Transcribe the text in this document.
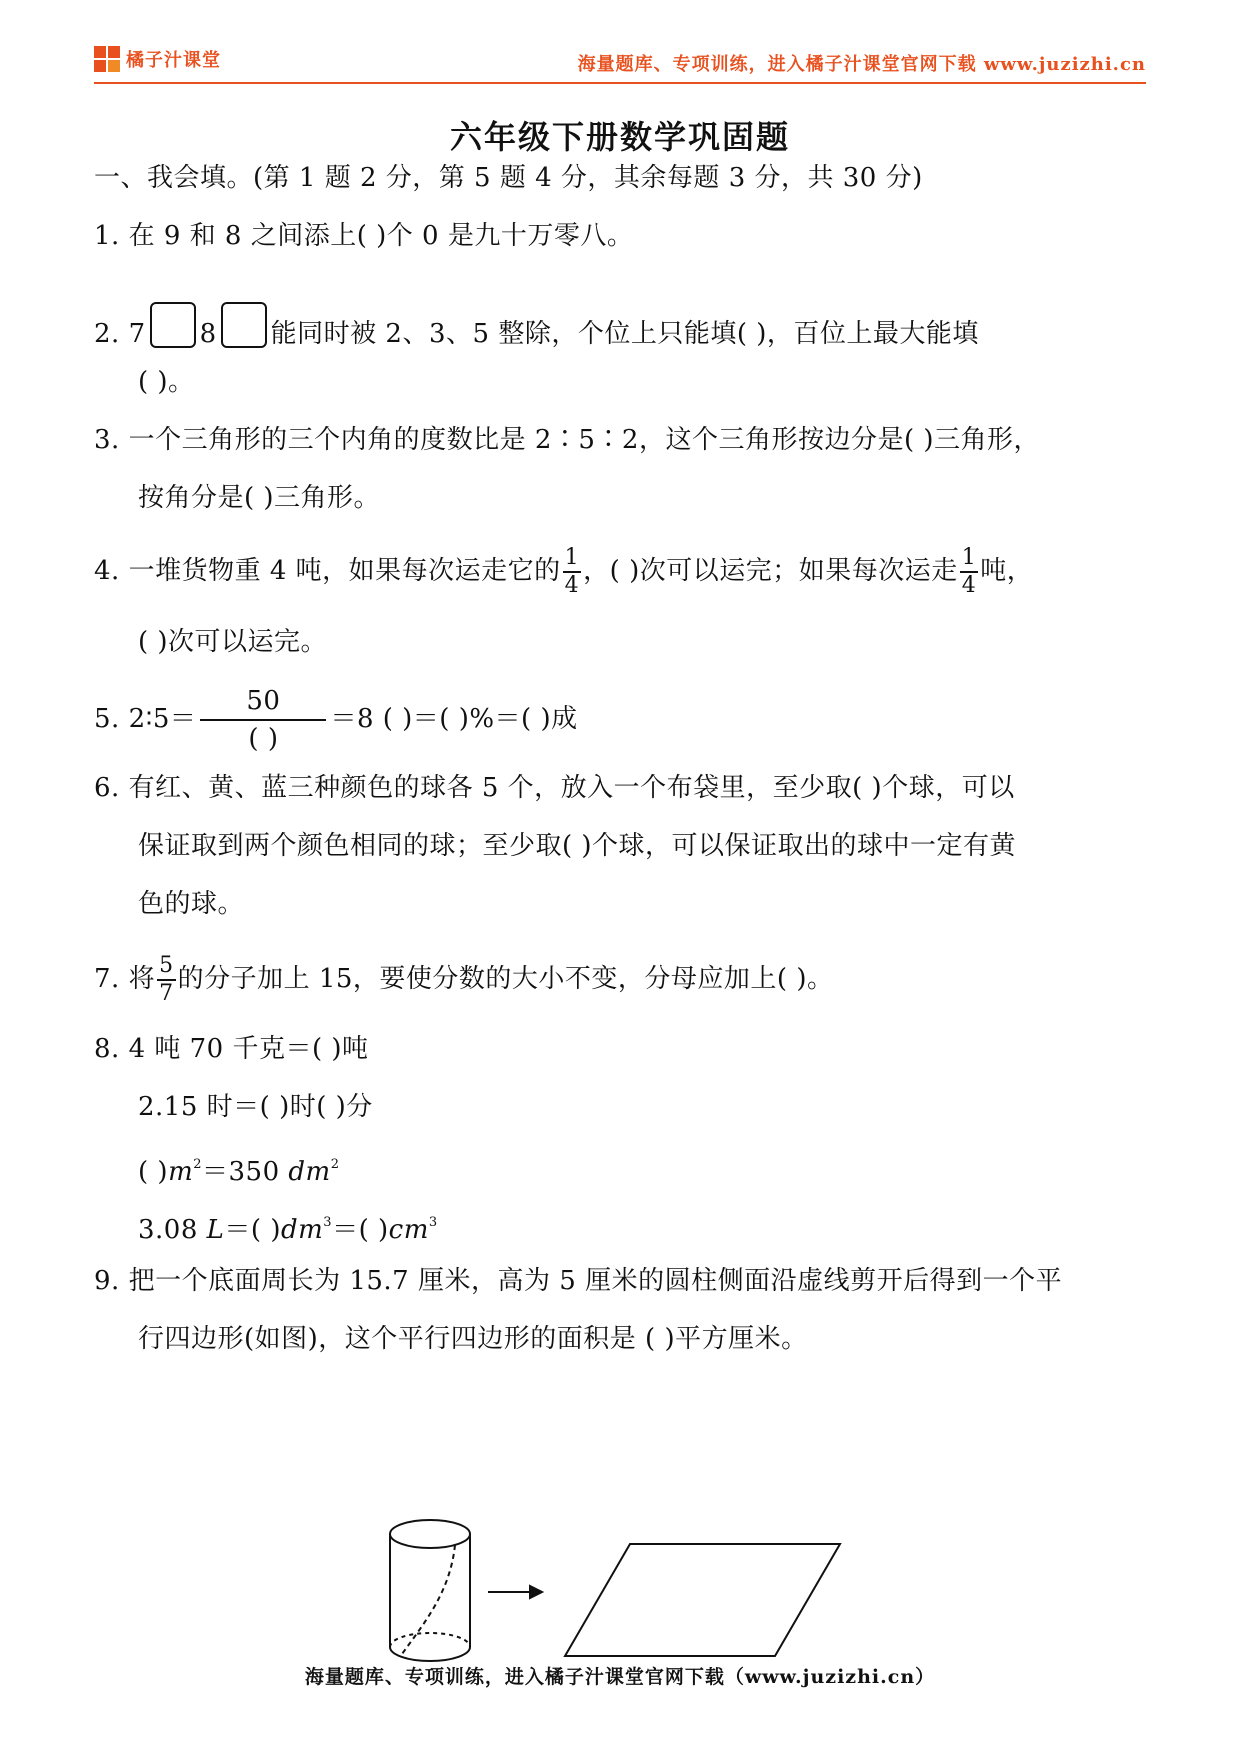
橘子汁课堂	海量题库、专项训练，进入橘子汁课堂官网下载 www.juzizhi.cn
六年级下册数学巩固题
一、我会填。(第 1 题 2 分，第 5 题 4 分，其余每题 3 分，共 30 分)
1. 在 9 和 8 之间添上( )个 0 是九十万零八。
2. 7 8 能同时被 2、3、5 整除，个位上只能填( )，百位上最大能填
( )。
3. 一个三角形的三个内角的度数比是 2∶5∶2，这个三角形按边分是( )三角形，
按角分是( )三角形。
4. 一堆货物重 4 吨，如果每次运走它的 $\frac{1}{4}$ ，( )次可以运完；如果每次运走 $\frac{1}{4}$ 吨，
( )次可以运完。
5. 2∶5＝ $\frac{50}{( )} =8$ ( )＝( )%＝( )成
6. 有红、黄、蓝三种颜色的球各 5 个，放入一个布袋里，至少取( )个球，可以
保证取到两个颜色相同的球；至少取( )个球，可以保证取出的球中一定有黄
色的球。
7. 将 $\frac{5}{7}$ 的分子加上 15，要使分数的大小不变，分母应加上( )。
8. 4 吨 70 千克＝( )吨
2.15 时＝( )时( )分
( )$m^2=350$ $dm^2$
3.08 L＝( )$dm^3=$( )$cm^3$
9. 把一个底面周长为 15.7 厘米，高为 5 厘米的圆柱侧面沿虚线剪开后得到一个平
行四边形(如图)，这个平行四边形的面积是 ( )平方厘米。
海量题库、专项训练，进入橘子汁课堂官网下载（www.juzizhi.cn）
